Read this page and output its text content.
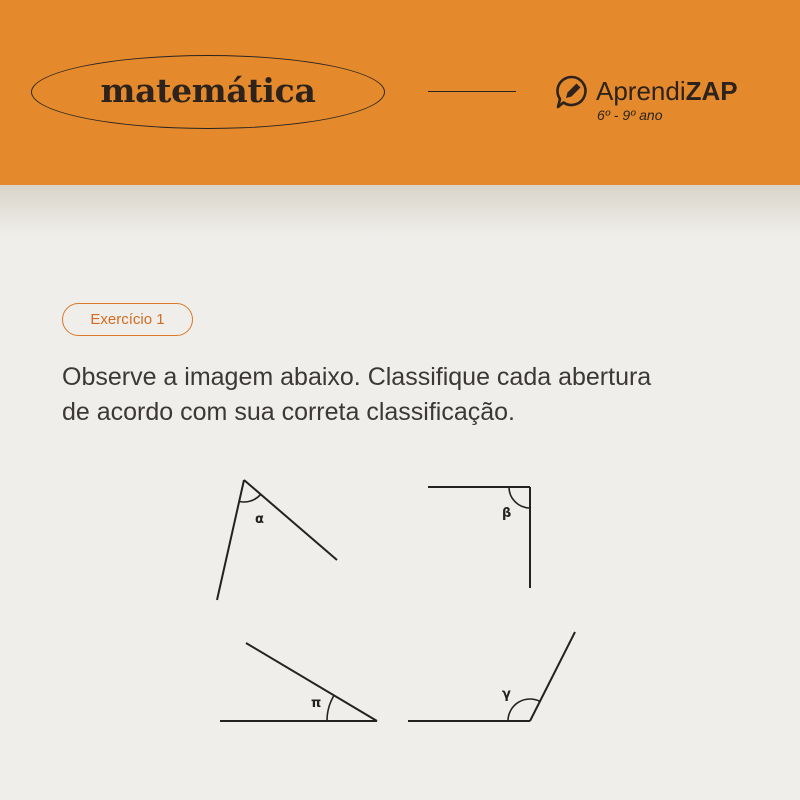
matemática	AprendiZAP
6º - 9º ano
Exercício 1
Observe a imagem abaixo. Classifique cada abertura
de acordo com sua correta classificação.
α	β
π
γ
